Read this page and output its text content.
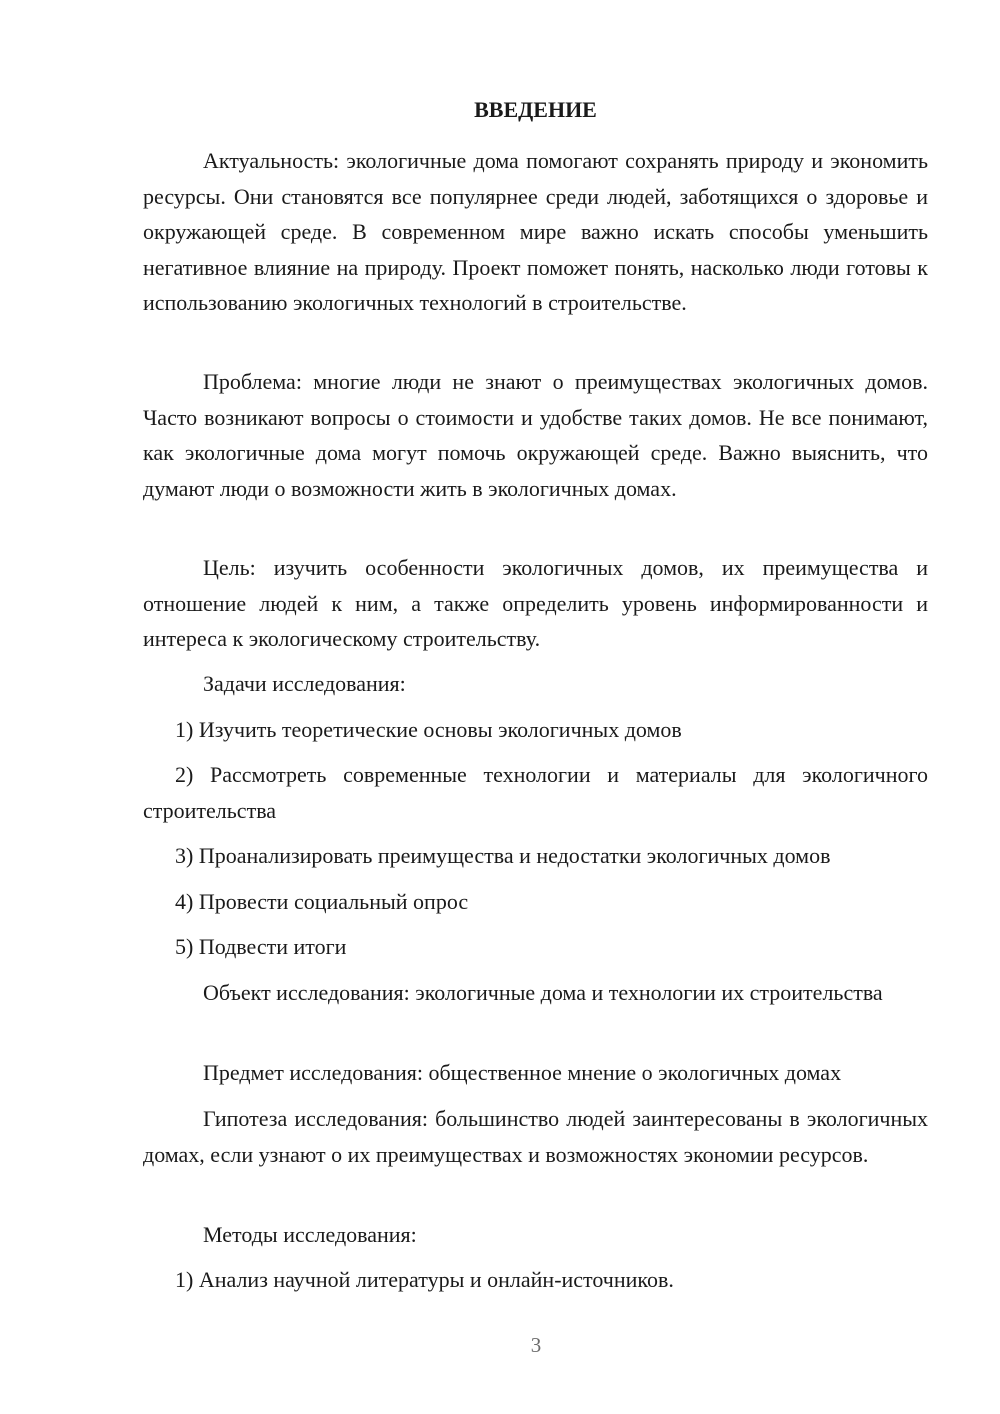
ВВЕДЕНИЕ

Актуальность: экологичные дома помогают сохранять природу и экономить ресурсы. Они становятся все популярнее среди людей, заботящихся о здоровье и окружающей среде. В современном мире важно искать способы уменьшить негативное влияние на природу. Проект поможет понять, насколько люди готовы к использованию экологичных технологий в строительстве.

Проблема: многие люди не знают о преимуществах экологичных домов. Часто возникают вопросы о стоимости и удобстве таких домов. Не все понимают, как экологичные дома могут помочь окружающей среде. Важно выяснить, что думают люди о возможности жить в экологичных домах.

Цель: изучить особенности экологичных домов, их преимущества и отношение людей к ним, а также определить уровень информированности и интереса к экологическому строительству.

Задачи исследования:

1) Изучить теоретические основы экологичных домов

2) Рассмотреть современные технологии и материалы для экологичного строительства

3) Проанализировать преимущества и недостатки экологичных домов

4) Провести социальный опрос

5) Подвести итоги

Объект исследования: экологичные дома и технологии их строительства

Предмет исследования: общественное мнение о экологичных домах

Гипотеза исследования: большинство людей заинтересованы в экологичных домах, если узнают о их преимуществах и возможностях экономии ресурсов.

Методы исследования:

1) Анализ научной литературы и онлайн-источников.

3
